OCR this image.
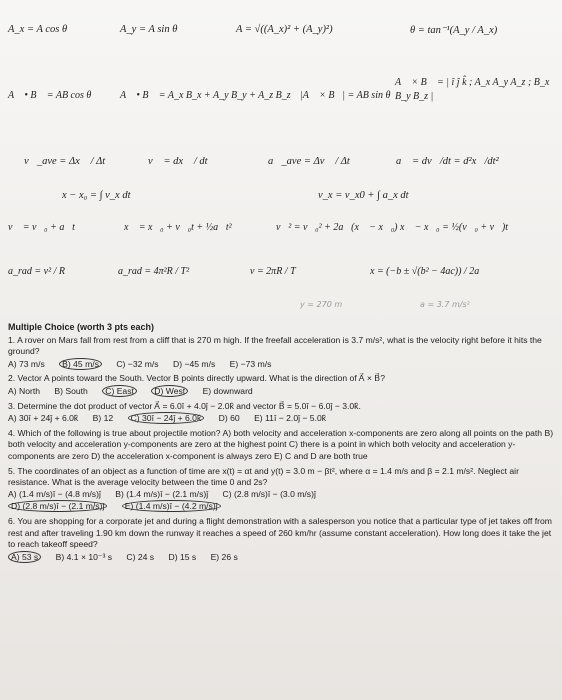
A_x = A cos θ	A_y = A sin θ	A = √((A_x)² + (A_y)²)	θ = tan⁻¹(A_y / A_x)
A⃗ • B⃗ = AB cos θ	A⃗ • B⃗ = A_x B_x + A_y B_y + A_z B_z |A⃗ × B⃗| = AB sin θ
A⃗ × B⃗ = | î ĵ k̂ ; A_x A_y A_z ; B_x B_y B_z |
v⃗_ave = Δx⃗ / Δt	v⃗ = dx⃗ / dt	a⃗_ave = Δv⃗ / Δt	a⃗ = dv⃗/dt = d²x⃗/dt²
x − x₀ = ∫ v_x dt	v_x = v_x0 + ∫ a_x dt
v⃗ = v⃗₀ + a⃗t	x⃗ = x⃗₀ + v⃗₀t + ½a⃗t²	v⃗² = v⃗₀² + 2a⃗(x⃗ − x⃗₀) x⃗ − x⃗₀ = ½(v⃗₀ + v⃗)t
a_rad = v² / R	a_rad = 4π²R / T²	v = 2πR / T	x = (−b ± √(b² − 4ac)) / 2a
y = 270 m	a = 3.7 m/s²
Multiple Choice (worth 3 pts each)
1. A rover on Mars fall from rest from a cliff that is 270 m high. If the freefall acceleration is 3.7 m/s², what is the velocity right before it hits the ground?
A) 73 m/s B) 45 m/s C) −32 m/s D) −45 m/s E) −73 m/s
2. Vector A points toward the South. Vector B points directly upward. What is the direction of A⃗ × B⃗?
A) North B) South C) East D) West E) downward
3. Determine the dot product of vector A⃗ = 6.0î + 4.0ĵ − 2.0k̂ and vector B⃗ = 5.0î − 6.0ĵ − 3.0k̂.
A) 30î + 24ĵ + 6.0k̂ B) 12 C) 30î − 24ĵ + 6.0k̂ D) 60 E) 11î − 2.0ĵ − 5.0k̂
4. Which of the following is true about projectile motion? A) both velocity and acceleration x-components are zero along all points on the path B) both velocity and acceleration y-components are zero at the highest point C) there is a point in which both velocity and acceleration y-components are zero D) the acceleration x-component is always zero E) C and D are both true
5. The coordinates of an object as a function of time are x(t) = αt and y(t) = 3.0 m − βt², where α = 1.4 m/s and β = 2.1 m/s². Neglect air resistance. What is the average velocity between the time 0 and 2s?
A) (1.4 m/s)î − (4.8 m/s)ĵ B) (1.4 m/s)î − (2.1 m/s)ĵ C) (2.8 m/s)î − (3.0 m/s)ĵ
D) (2.8 m/s)î − (2.1 m/s)ĵ E) (1.4 m/s)î − (4.2 m/s)ĵ
6. You are shopping for a corporate jet and during a flight demonstration with a salesperson you notice that a particular type of jet takes off from rest and after traveling 1.90 km down the runway it reaches a speed of 260 km/hr (assume constant acceleration). How long does it take the jet to reach takeoff speed?
A) 53 s B) 4.1 × 10⁻³ s C) 24 s D) 15 s E) 26 s
